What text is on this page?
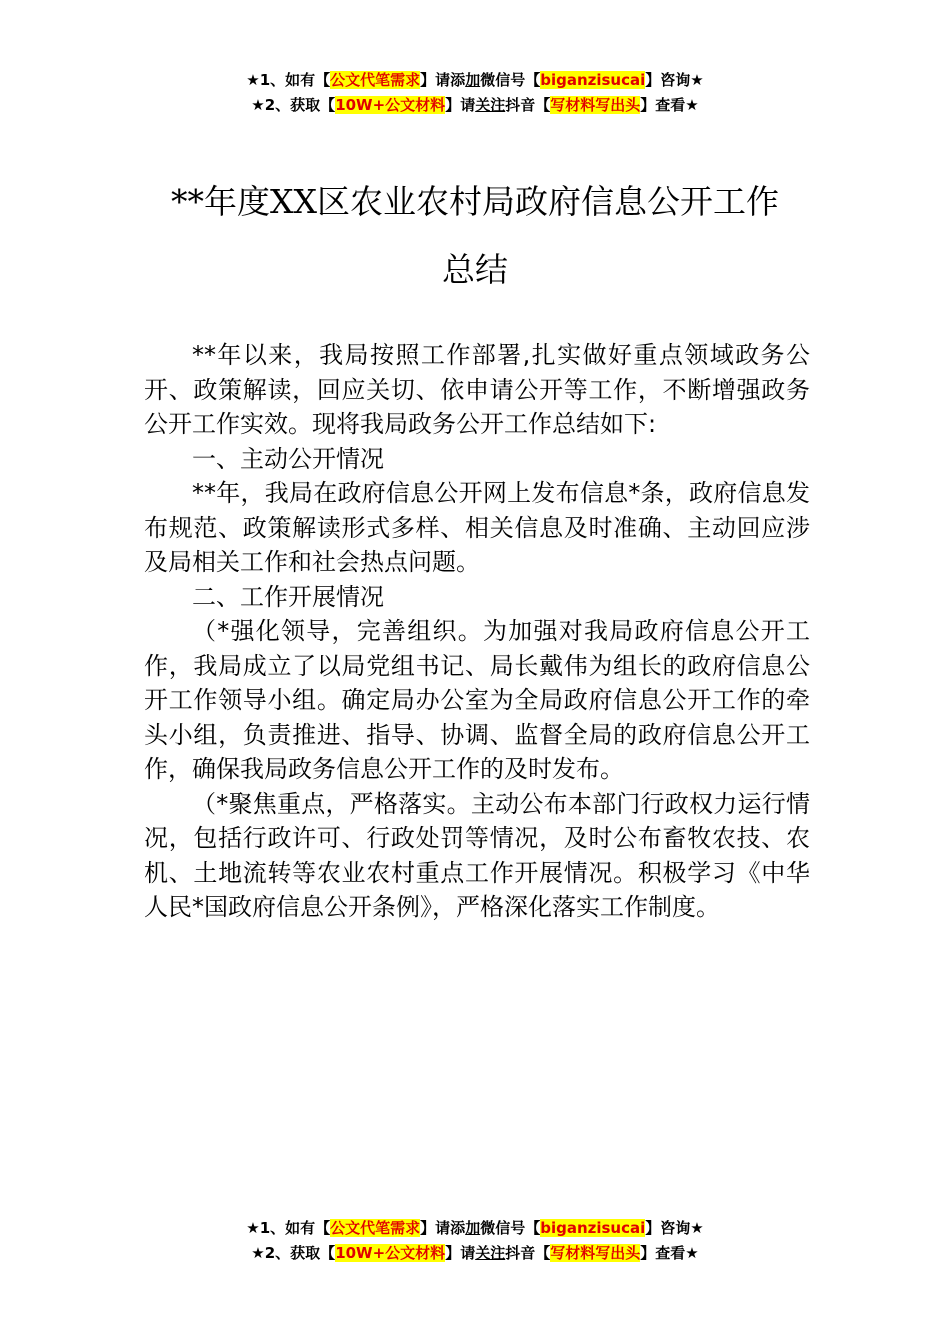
★1、如有【公文代笔需求】请添加微信号【biganzisucai】咨询★
★2、获取【10W+公文材料】请关注抖音【写材料写出头】查看★
**年度XX区农业农村局政府信息公开工作
总结

**年以来，我局按照工作部署,扎实做好重点领域政务公开、政策解读，回应关切、依申请公开等工作，不断增强政务公开工作实效。现将我局政务公开工作总结如下:

一、主动公开情况

**年，我局在政府信息公开网上发布信息*条，政府信息发布规范、政策解读形式多样、相关信息及时准确、主动回应涉及局相关工作和社会热点问题。

二、工作开展情况

（*强化领导，完善组织。为加强对我局政府信息公开工作，我局成立了以局党组书记、局长戴伟为组长的政府信息公开工作领导小组。确定局办公室为全局政府信息公开工作的牵头小组，负责推进、指导、协调、监督全局的政府信息公开工作，确保我局政务信息公开工作的及时发布。

（*聚焦重点，严格落实。主动公布本部门行政权力运行情况，包括行政许可、行政处罚等情况，及时公布畜牧农技、农机、土地流转等农业农村重点工作开展情况。积极学习《中华人民*国政府信息公开条例》，严格深化落实工作制度。

★1、如有【公文代笔需求】请添加微信号【biganzisucai】咨询★
★2、获取【10W+公文材料】请关注抖音【写材料写出头】查看★
